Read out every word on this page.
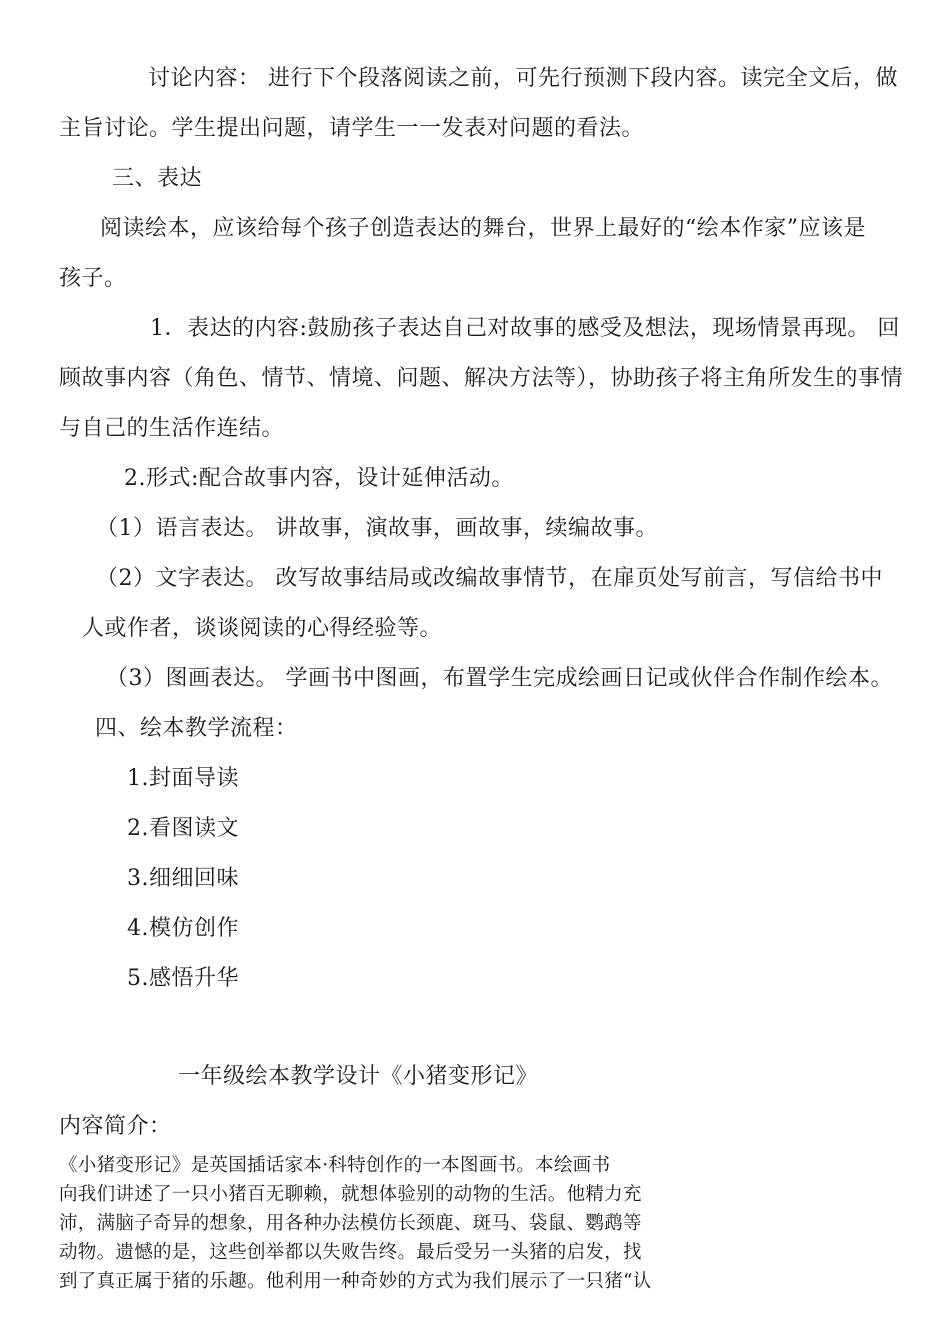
讨论内容： 进行下个段落阅读之前，可先行预测下段内容。读完全文后，做
主旨讨论。学生提出问题，请学生一一发表对问题的看法。
三、表达
阅读绘本，应该给每个孩子创造表达的舞台，世界上最好的“绘本作家”应该是
孩子。
1．表达的内容:鼓励孩子表达自己对故事的感受及想法，现场情景再现。 回
顾故事内容（角色、情节、情境、问题、解决方法等），协助孩子将主角所发生的事情
与自己的生活作连结。
2.形式:配合故事内容，设计延伸活动。
（1）语言表达。 讲故事，演故事，画故事，续编故事。
（2）文字表达。 改写故事结局或改编故事情节，在扉页处写前言，写信给书中
人或作者，谈谈阅读的心得经验等。
（3）图画表达。 学画书中图画，布置学生完成绘画日记或伙伴合作制作绘本。
四、绘本教学流程：
1.封面导读
2.看图读文
3.细细回味
4.模仿创作
5.感悟升华
一年级绘本教学设计《小猪变形记》
内容简介：
《小猪变形记》是英国插话家本·科特创作的一本图画书。本绘画书
向我们讲述了一只小猪百无聊赖，就想体验别的动物的生活。他精力充
沛，满脑子奇异的想象，用各种办法模仿长颈鹿、斑马、袋鼠、鹦鹉等
动物。遗憾的是，这些创举都以失败告终。最后受另一头猪的启发，找
到了真正属于猪的乐趣。他利用一种奇妙的方式为我们展示了一只猪“认
